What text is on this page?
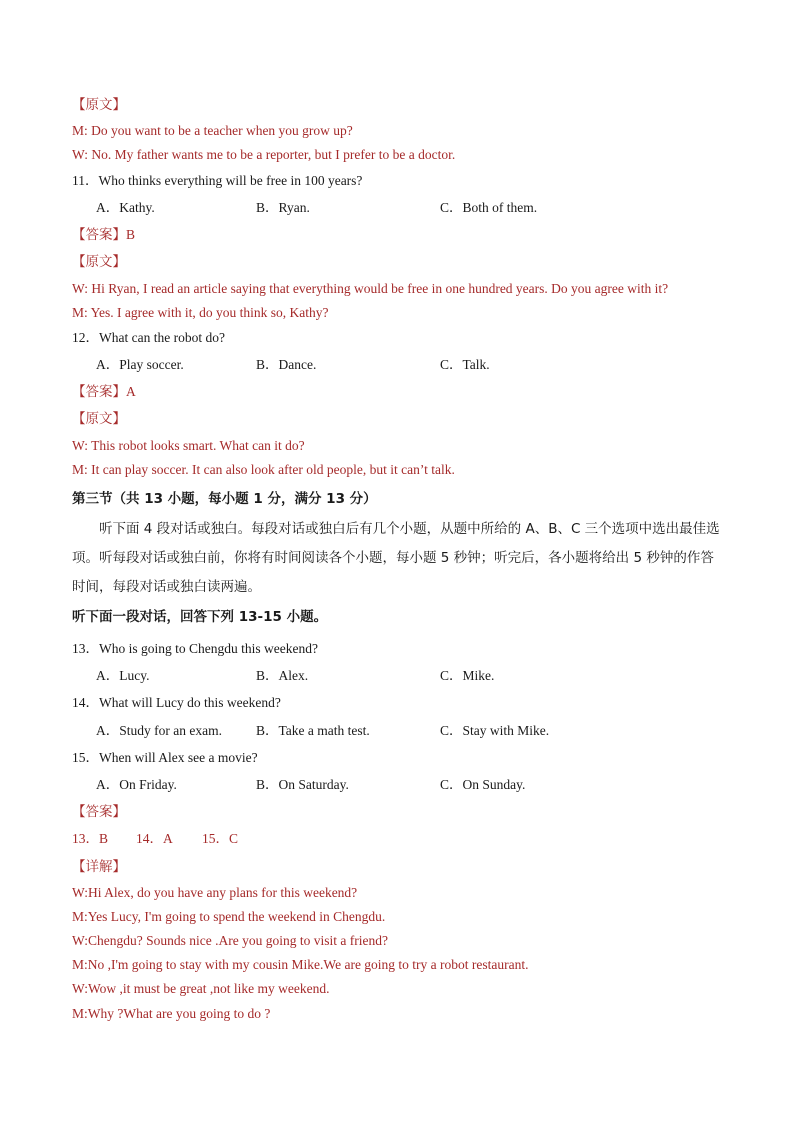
【原文】
M: Do you want to be a teacher when you grow up?
W: No. My father wants me to be a reporter, but I prefer to be a doctor.
11．Who thinks everything will be free in 100 years?
A．Kathy.	B．Ryan.	C．Both of them.
【答案】B
【原文】
W: Hi Ryan, I read an article saying that everything would be free in one hundred years. Do you agree with it?
M: Yes. I agree with it, do you think so, Kathy?
12．What can the robot do?
A．Play soccer.	B．Dance.	C．Talk.
【答案】A
【原文】
W: This robot looks smart. What can it do?
M: It can play soccer. It can also look after old people, but it can’t talk.
第三节（共 13 小题，每小题 1 分，满分 13 分）
听下面 4 段对话或独白。每段对话或独白后有几个小题，从题中所给的 A、B、C 三个选项中选出最佳选项。听每段对话或独白前，你将有时间阅读各个小题，每小题 5 秒钟；听完后，各小题将给出 5 秒钟的作答时间，每段对话或独白读两遍。
听下面一段对话，回答下列 13-15 小题。
13．Who is going to Chengdu this weekend?
A．Lucy.	B．Alex.	C．Mike.
14．What will Lucy do this weekend?
A．Study for an exam.	B．Take a math test.	C．Stay with Mike.
15．When will Alex see a movie?
A．On Friday.	B．On Saturday.	C．On Sunday.
【答案】
13．B 14．A 15．C
【详解】
W:Hi Alex, do you have any plans for this weekend?
M:Yes Lucy, I'm going to spend the weekend in Chengdu.
W:Chengdu? Sounds nice .Are you going to visit a friend?
M:No ,I'm going to stay with my cousin Mike.We are going to try a robot restaurant.
W:Wow ,it must be great ,not like my weekend.
M:Why ?What are you going to do ?
